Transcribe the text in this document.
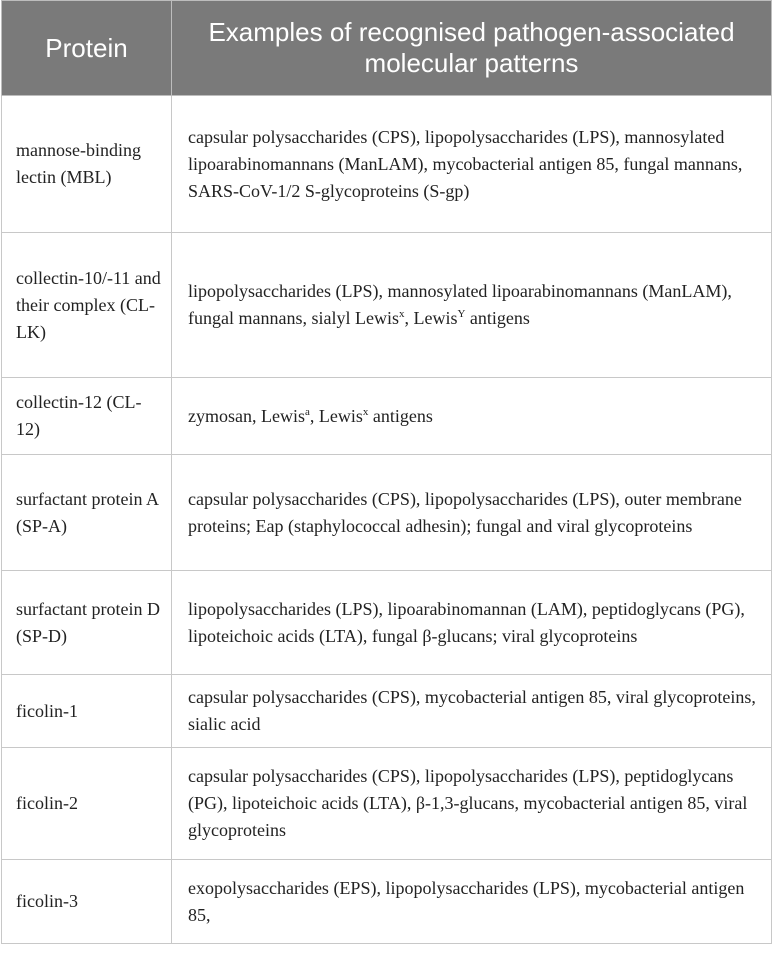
Protein	Examples of recognised pathogen-associated molecular patterns
mannose-binding lectin (MBL)	capsular polysaccharides (CPS), lipopolysaccharides (LPS), mannosylated lipoarabinomannans (ManLAM), mycobacterial antigen 85, fungal mannans, SARS-CoV-1/2 S-glycoproteins (S-gp)
collectin-10/-11 and their complex (CL-LK)	lipopolysaccharides (LPS), mannosylated lipoarabinomannans (ManLAM), fungal mannans, sialyl Lewis$^x$, Lewis$^Y$ antigens
collectin-12 (CL-12)	zymosan, Lewis$^a$, Lewis$^x$ antigens
surfactant protein A (SP-A)	capsular polysaccharides (CPS), lipopolysaccharides (LPS), outer membrane proteins; Eap (staphylococcal adhesin); fungal and viral glycoproteins
surfactant protein D (SP-D)	lipopolysaccharides (LPS), lipoarabinomannan (LAM), peptidoglycans (PG), lipoteichoic acids (LTA), fungal β-glucans; viral glycoproteins
ficolin-1	capsular polysaccharides (CPS), mycobacterial antigen 85, viral glycoproteins, sialic acid
ficolin-2	capsular polysaccharides (CPS), lipopolysaccharides (LPS), peptidoglycans (PG), lipoteichoic acids (LTA), β-1,3-glucans, mycobacterial antigen 85, viral glycoproteins
ficolin-3	exopolysaccharides (EPS), lipopolysaccharides (LPS), mycobacterial antigen 85,
